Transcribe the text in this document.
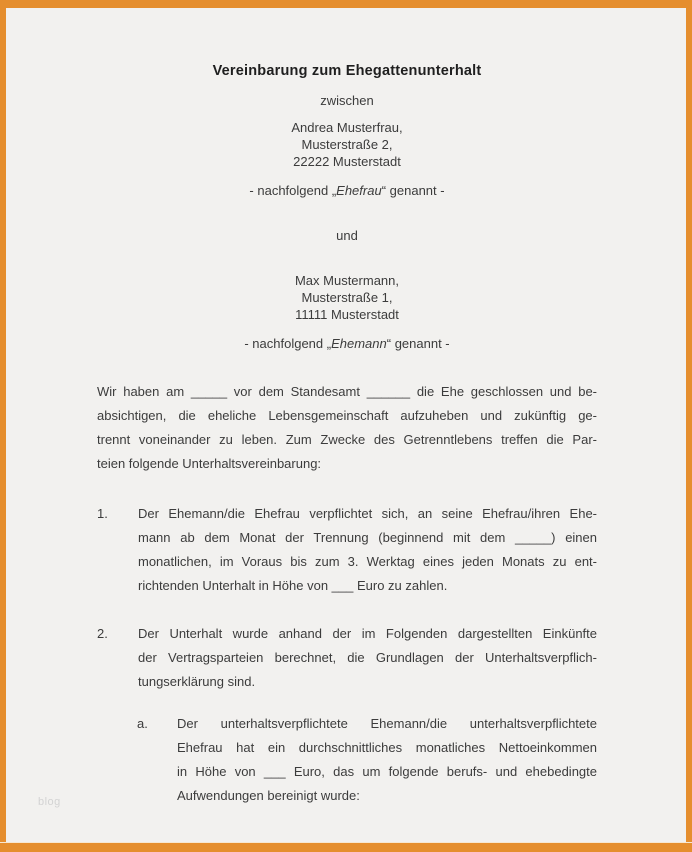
Vereinbarung zum Ehegattenunterhalt
zwischen
Andrea Musterfrau,
Musterstraße 2,
22222 Musterstadt
- nachfolgend „Ehefrau“ genannt -
und
Max Mustermann,
Musterstraße 1,
11111 Musterstadt
- nachfolgend „Ehemann“ genannt -
Wir haben am _____ vor dem Standesamt ______ die Ehe geschlossen und be-
absichtigen, die eheliche Lebensgemeinschaft aufzuheben und zukünftig ge-
trennt voneinander zu leben. Zum Zwecke des Getrenntlebens treffen die Par-
teien folgende Unterhaltsvereinbarung:
1.	Der Ehemann/die Ehefrau verpflichtet sich, an seine Ehefrau/ihren Ehe-
mann ab dem Monat der Trennung (beginnend mit dem _____) einen
monatlichen, im Voraus bis zum 3. Werktag eines jeden Monats zu ent-
richtenden Unterhalt in Höhe von ___ Euro zu zahlen.
2.	Der Unterhalt wurde anhand der im Folgenden dargestellten Einkünfte
der Vertragsparteien berechnet, die Grundlagen der Unterhaltsverpflich-
tungserklärung sind.
a.	Der unterhaltsverpflichtete Ehemann/die unterhaltsverpflichtete
Ehefrau hat ein durchschnittliches monatliches Nettoeinkommen
in Höhe von ___ Euro, das um folgende berufs- und ehebedingte
Aufwendungen bereinigt wurde:
blog
